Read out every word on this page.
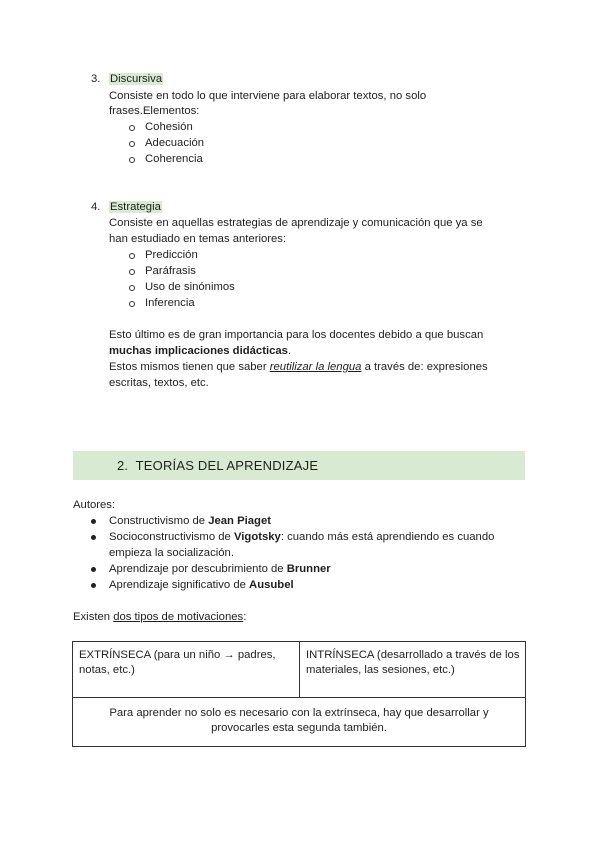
3. Discursiva
Consiste en todo lo que interviene para elaborar textos, no solo
frases.Elementos:
Cohesión
Adecuación
Coherencia
4. Estrategia
Consiste en aquellas estrategias de aprendizaje y comunicación que ya se
han estudiado en temas anteriores:
Predicción
Paráfrasis
Uso de sinónimos
Inferencia
Esto último es de gran importancia para los docentes debido a que buscan
muchas implicaciones didácticas.
Estos mismos tienen que saber reutilizar la lengua a través de: expresiones
escritas, textos, etc.
2. TEORÍAS DEL APRENDIZAJE
Autores:
Constructivismo de Jean Piaget
Socioconstructivismo de Vigotsky: cuando más está aprendiendo es cuando
empieza la socialización.
Aprendizaje por descubrimiento de Brunner
Aprendizaje significativo de Ausubel
Existen dos tipos de motivaciones:
EXTRÍNSECA (para un niño → padres, notas, etc.)	INTRÍNSECA (desarrollado a través de los materiales, las sesiones, etc.)
Para aprender no solo es necesario con la extrínseca, hay que desarrollar y provocarles esta segunda también.
